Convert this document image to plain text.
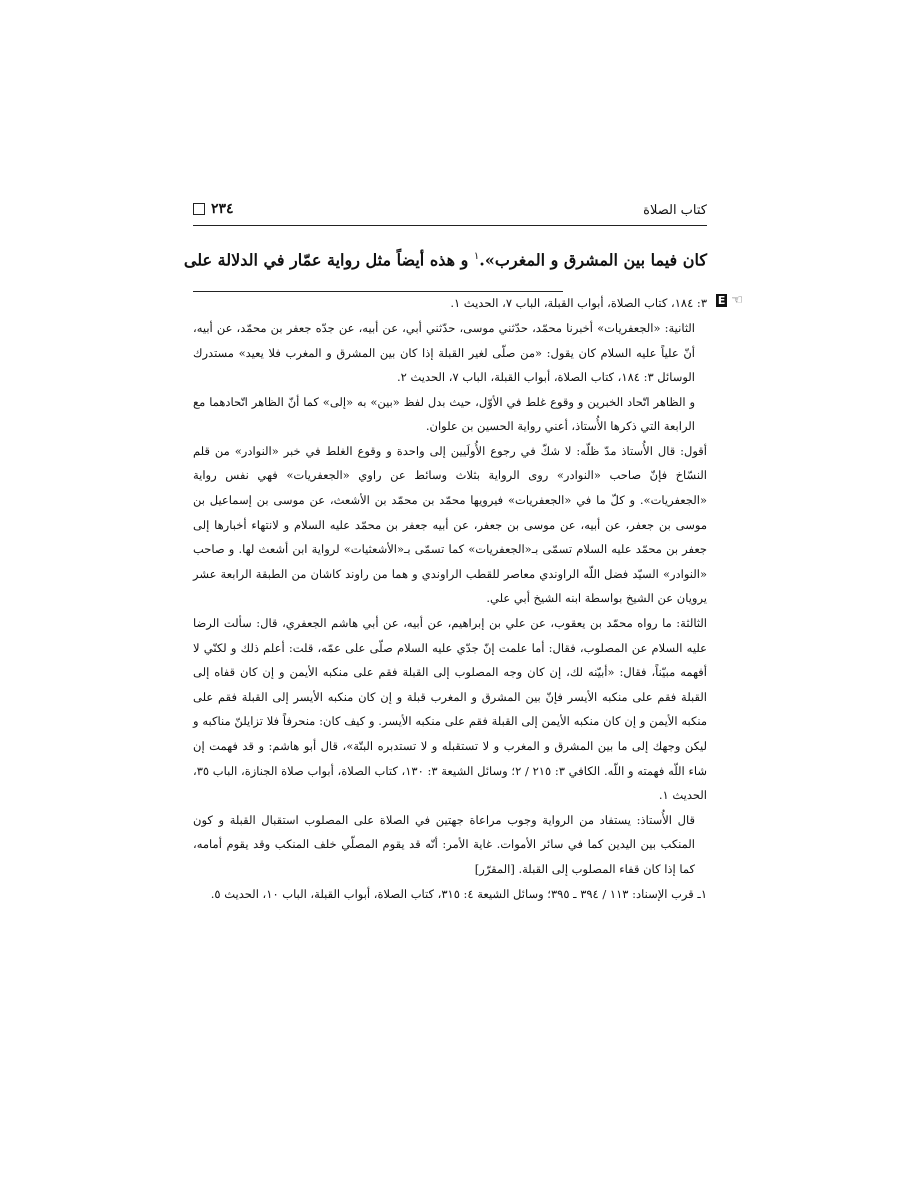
كتاب الصلاة
٢٣٤
كان فيما بين المشرق و المغرب».$^١$ و هذه أيضاً مثل رواية عمّار في الدلالة على

E ☜
٣: ١٨٤، كتاب الصلاة، أبواب القبلة، الباب ٧، الحديث ١.

الثانية: «الجعفريات» أخبرنا محمّد، حدّثني موسى، حدّثني أبي، عن أبيه، عن جدّه جعفر بن محمّد، عن أبيه، أنّ علياً عليه السلام كان يقول: «من صلّى لغير القبلة إذا كان بين المشرق و المغرب فلا يعيد» مستدرك الوسائل ٣: ١٨٤، كتاب الصلاة، أبواب القبلة، الباب ٧، الحديث ٢.

و الظاهر اتّحاد الخبرين و وقوع غلط في الأوّل، حيث بدل لفظ «بين» به «إلى» كما أنّ الظاهر اتّحادهما مع الرابعة التي ذكرها الأُستاذ، أعني رواية الحسين بن علوان.

أقول: قال الأُستاذ مدّ ظلّه: لا شكّ في رجوع الأُولَيين إلى واحدة و وقوع الغلط في خبر «النوادر» من قلم النسّاخ فإنّ صاحب «النوادر» روى الرواية بثلاث وسائط عن راوي «الجعفريات» فهي نفس رواية «الجعفريات». و كلّ ما في «الجعفريات» فيرويها محمّد بن محمّد بن الأشعث، عن موسى بن إسماعيل بن موسى بن جعفر، عن أبيه، عن موسى بن جعفر، عن أبيه جعفر بن محمّد عليه السلام و لانتهاء أخبارها إلى جعفر بن محمّد عليه السلام تسمّى بـ«الجعفريات» كما تسمّى بـ«الأشعثيات» لرواية ابن أشعث لها. و صاحب «النوادر» السيّد فضل اللّه الراوندي معاصر للقطب الراوندي و هما من راوند كاشان من الطبقة الرابعة عشر يرويان عن الشيخ بواسطة ابنه الشيخ أبي علي.

الثالثة: ما رواه محمّد بن يعقوب، عن علي بن إبراهيم، عن أبيه، عن أبي هاشم الجعفري، قال: سألت الرضا عليه السلام عن المصلوب، فقال: أما علمت إنّ جدّي عليه السلام صلّى على عمّه، قلت: أعلم ذلك و لكنّي لا أفهمه مبيّناً، فقال: «أبيّنه لك، إن كان وجه المصلوب إلى القبلة فقم على منكبه الأيمن و إن كان قفاه إلى القبلة فقم على منكبه الأيسر فإنّ بين المشرق و المغرب قبلة و إن كان منكبه الأيسر إلى القبلة فقم على منكبه الأيمن و إن كان منكبه الأيمن إلى القبلة فقم على منكبه الأيسر. و كيف كان: منحرفاً فلا تزايلنّ مناكبه و ليكن وجهك إلى ما بين المشرق و المغرب و لا تستقبله و لا تستدبره البتّة»، قال أبو هاشم: و قد فهمت إن شاء اللّه فهمته و اللّه. الكافي ٣: ٢١٥ / ٢؛ وسائل الشيعة ٣: ١٣٠، كتاب الصلاة، أبواب صلاة الجنازة، الباب ٣٥، الحديث ١.

قال الأُستاذ: يستفاد من الرواية وجوب مراعاة جهتين في الصلاة على المصلوب استقبال القبلة و كون المنكب بين اليدين كما في سائر الأموات. غاية الأمر: أنّه قد يقوم المصلّي خلف المنكب وقد يقوم أمامه، كما إذا كان قفاء المصلوب إلى القبلة. [المقرّر]

١ـ قرب الإسناد: ١١٣ / ٣٩٤ ـ ٣٩٥؛ وسائل الشيعة ٤: ٣١٥، كتاب الصلاة، أبواب القبلة، الباب ١٠، الحديث ٥.
